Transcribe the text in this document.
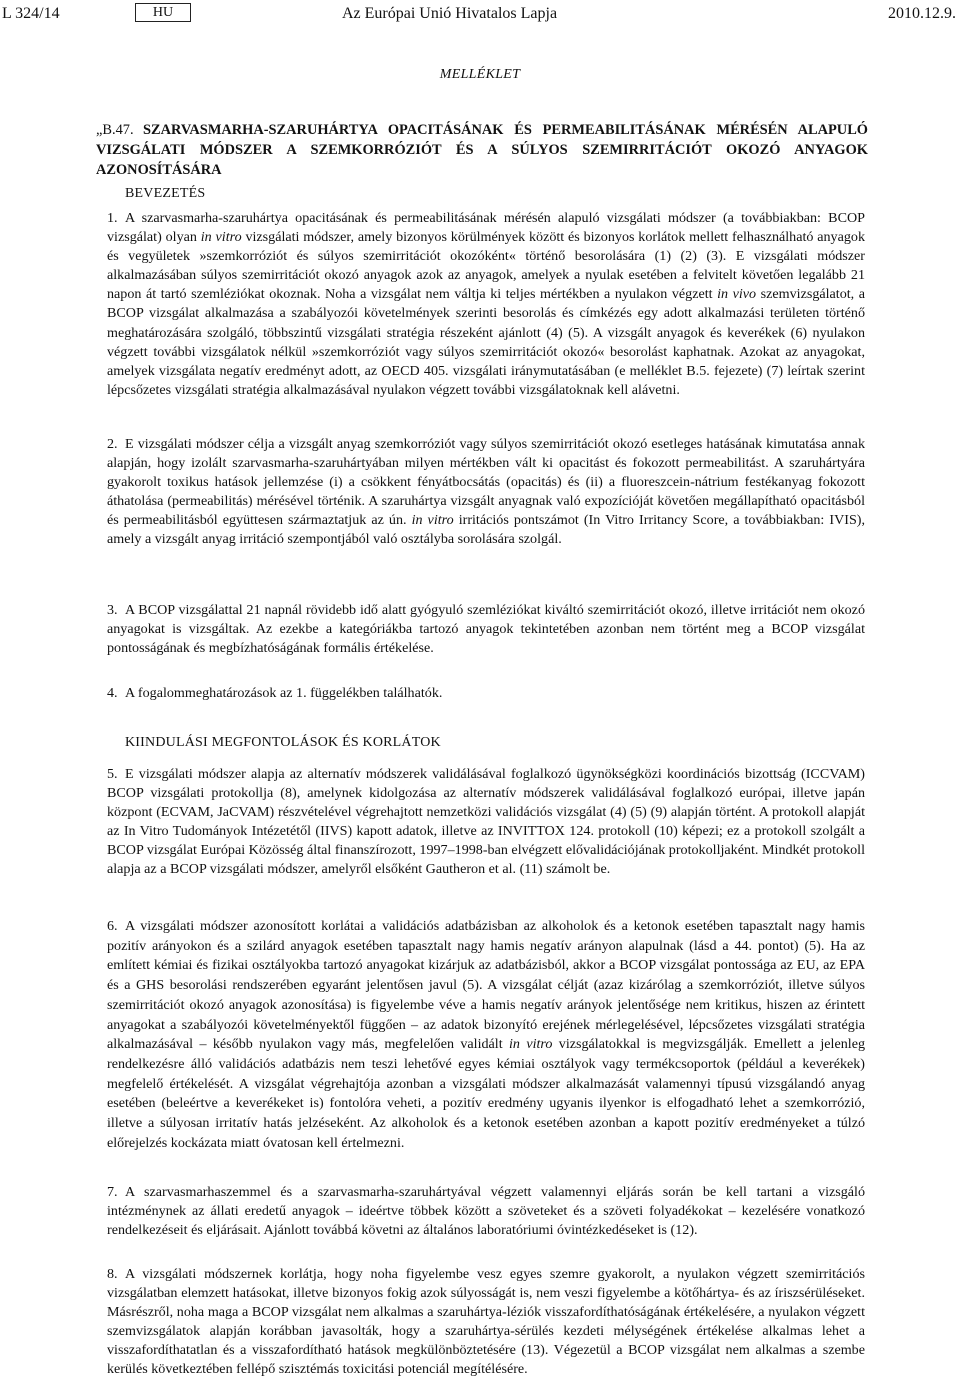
L 324/14	HU	Az Európai Unió Hivatalos Lapja	2010.12.9.
MELLÉKLET
„B.47. SZARVASMARHA-SZARUHÁRTYA OPACITÁSÁNAK ÉS PERMEABILITÁSÁNAK MÉRÉSÉN ALAPULÓ VIZSGÁLATI MÓDSZER A SZEMKORRÓZIÓT ÉS A SÚLYOS SZEMIRRITÁCIÓT OKOZÓ ANYAGOK AZONOSÍTÁSÁRA
BEVEZETÉS
1. A szarvasmarha-szaruhártya opacitásának és permeabilitásának mérésén alapuló vizsgálati módszer (a továbbiakban: BCOP vizsgálat) olyan in vitro vizsgálati módszer, amely bizonyos körülmények között és bizonyos korlátok mellett felhasználható anyagok és vegyületek »szemkorróziót és súlyos szemirritációt okozóként« történő besorolására (1) (2) (3). E vizsgálati módszer alkalmazásában súlyos szemirritációt okozó anyagok azok az anyagok, amelyek a nyulak esetében a felvitelt követően legalább 21 napon át tartó szemléziókat okoznak. Noha a vizsgálat nem váltja ki teljes mértékben a nyulakon végzett in vivo szemvizsgálatot, a BCOP vizsgálat alkalmazása a szabályozói követelmények szerinti besorolás és címkézés egy adott alkalmazási területen történő meghatározására szolgáló, többszintű vizsgálati stratégia részeként ajánlott (4) (5). A vizsgált anyagok és keverékek (6) nyulakon végzett további vizsgálatok nélkül »szemkorróziót vagy súlyos szemirritációt okozó« besorolást kaphatnak. Azokat az anyagokat, amelyek vizsgálata negatív eredményt adott, az OECD 405. vizsgálati iránymutatásában (e melléklet B.5. fejezete) (7) leírtak szerint lépcsőzetes vizsgálati stratégia alkalmazásával nyulakon végzett további vizsgálatoknak kell alávetni.
2. E vizsgálati módszer célja a vizsgált anyag szemkorróziót vagy súlyos szemirritációt okozó esetleges hatásának kimutatása annak alapján, hogy izolált szarvasmarha-szaruhártyában milyen mértékben vált ki opacitást és fokozott permeabilitást. A szaruhártyára gyakorolt toxikus hatások jellemzése (i) a csökkent fényátbocsátás (opacitás) és (ii) a fluoreszcein-nátrium festékanyag fokozott áthatolása (permeabilitás) mérésével történik. A szaruhártya vizsgált anyagnak való expozícióját követően megállapítható opacitásból és permeabilitásból együttesen származtatjuk az ún. in vitro irritációs pontszámot (In Vitro Irritancy Score, a továbbiakban: IVIS), amely a vizsgált anyag irritáció szempontjából való osztályba sorolására szolgál.
3. A BCOP vizsgálattal 21 napnál rövidebb idő alatt gyógyuló szemléziókat kiváltó szemirritációt okozó, illetve irritációt nem okozó anyagokat is vizsgáltak. Az ezekbe a kategóriákba tartozó anyagok tekintetében azonban nem történt meg a BCOP vizsgálat pontosságának és megbízhatóságának formális értékelése.
4. A fogalommeghatározások az 1. függelékben találhatók.
KIINDULÁSI MEGFONTOLÁSOK ÉS KORLÁTOK
5. E vizsgálati módszer alapja az alternatív módszerek validálásával foglalkozó ügynökségközi koordinációs bizottság (ICCVAM) BCOP vizsgálati protokollja (8), amelynek kidolgozása az alternatív módszerek validálásával foglalkozó európai, illetve japán központ (ECVAM, JaCVAM) részvételével végrehajtott nemzetközi validációs vizsgálat (4) (5) (9) alapján történt. A protokoll alapját az In Vitro Tudományok Intézetétől (IIVS) kapott adatok, illetve az INVITTOX 124. protokoll (10) képezi; ez a protokoll szolgált a BCOP vizsgálat Európai Közösség által finanszírozott, 1997–1998-ban elvégzett elővalidációjának protokolljaként. Mindkét protokoll alapja az a BCOP vizsgálati módszer, amelyről elsőként Gautheron et al. (11) számolt be.
6. A vizsgálati módszer azonosított korlátai a validációs adatbázisban az alkoholok és a ketonok esetében tapasztalt nagy hamis pozitív arányokon és a szilárd anyagok esetében tapasztalt nagy hamis negatív arányon alapulnak (lásd a 44. pontot) (5). Ha az említett kémiai és fizikai osztályokba tartozó anyagokat kizárjuk az adatbázisból, akkor a BCOP vizsgálat pontossága az EU, az EPA és a GHS besorolási rendszerében egyaránt jelentősen javul (5). A vizsgálat célját (azaz kizárólag a szemkorróziót, illetve súlyos szemirritációt okozó anyagok azonosítása) is figyelembe véve a hamis negatív arányok jelentősége nem kritikus, hiszen az érintett anyagokat a szabályozói követelményektől függően – az adatok bizonyító erejének mérlegelésével, lépcsőzetes vizsgálati stratégia alkalmazásával – később nyulakon vagy más, megfelelően validált in vitro vizsgálatokkal is megvizsgálják. Emellett a jelenleg rendelkezésre álló validációs adatbázis nem teszi lehetővé egyes kémiai osztályok vagy termékcsoportok (például a keverékek) megfelelő értékelését. A vizsgálat végrehajtója azonban a vizsgálati módszer alkalmazását valamennyi típusú vizsgálandó anyag esetében (beleértve a keverékeket is) fontolóra veheti, a pozitív eredmény ugyanis ilyenkor is elfogadható lehet a szemkorrózió, illetve a súlyosan irritatív hatás jelzéseként. Az alkoholok és a ketonok esetében azonban a kapott pozitív eredményeket a túlzó előrejelzés kockázata miatt óvatosan kell értelmezni.
7. A szarvasmarhaszemmel és a szarvasmarha-szaruhártyával végzett valamennyi eljárás során be kell tartani a vizsgáló intézménynek az állati eredetű anyagok – ideértve többek között a szöveteket és a szöveti folyadékokat – kezelésére vonatkozó rendelkezéseit és eljárásait. Ajánlott továbbá követni az általános laboratóriumi óvintézkedéseket is (12).
8. A vizsgálati módszernek korlátja, hogy noha figyelembe vesz egyes szemre gyakorolt, a nyulakon végzett szemirritációs vizsgálatban elemzett hatásokat, illetve bizonyos fokig azok súlyosságát is, nem veszi figyelembe a kötőhártya- és az íriszsérüléseket. Másrészről, noha maga a BCOP vizsgálat nem alkalmas a szaruhártya-léziók visszafordíthatóságának értékelésére, a nyulakon végzett szemvizsgálatok alapján korábban javasolták, hogy a szaruhártya-sérülés kezdeti mélységének értékelése alkalmas lehet a visszafordíthatatlan és a visszafordítható hatások megkülönböztetésére (13). Végezetül a BCOP vizsgálat nem alkalmas a szembe kerülés következtében fellépő szisztémás toxicitási potenciál megítélésére.
